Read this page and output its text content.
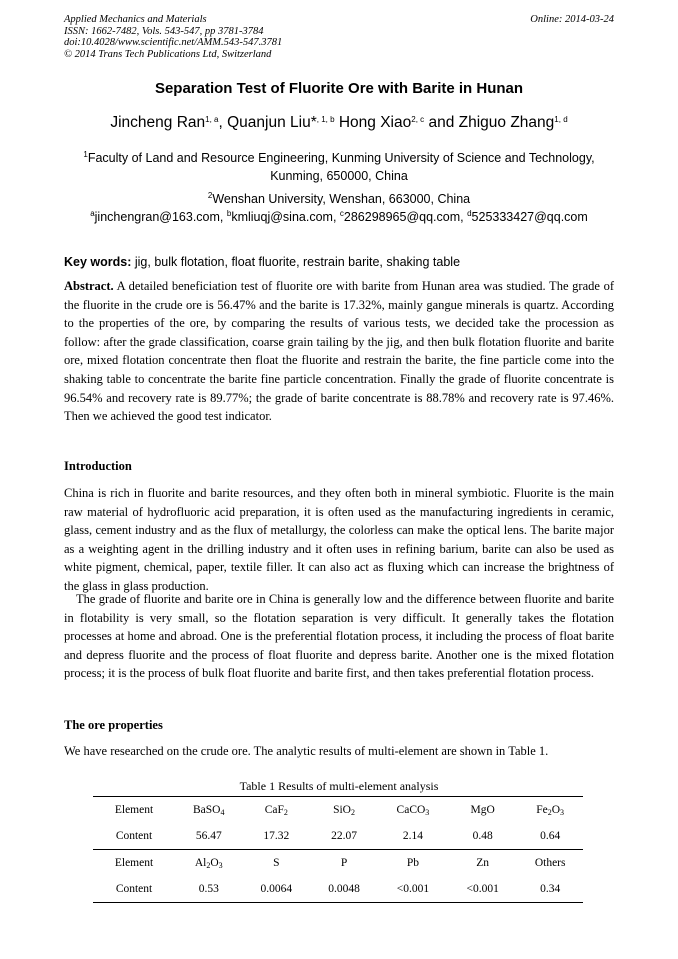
Applied Mechanics and Materials
ISSN: 1662-7482, Vols. 543-547, pp 3781-3784
doi:10.4028/www.scientific.net/AMM.543-547.3781
© 2014 Trans Tech Publications Ltd, Switzerland
Online: 2014-03-24
Separation Test of Fluorite Ore with Barite in Hunan
Jincheng Ran$^{1, a}$, Quanjun Liu*$^{, 1, b}$ Hong Xiao$^{2, c}$ and Zhiguo Zhang$^{1, d}$
$^1$Faculty of Land and Resource Engineering, Kunming University of Science and Technology,
Kunming, 650000, China
$^2$Wenshan University, Wenshan, 663000, China
$^a$jinchengran@163.com, $^b$kmliuqj@sina.com, $^c$286298965@qq.com, $^d$525333427@qq.com
Key words: jig, bulk flotation, float fluorite, restrain barite, shaking table

Abstract. A detailed beneficiation test of fluorite ore with barite from Hunan area was studied. The grade of the fluorite in the crude ore is 56.47% and the barite is 17.32%, mainly gangue minerals is quartz. According to the properties of the ore, by comparing the results of various tests, we decided take the procession as follow: after the grade classification, coarse grain tailing by the jig, and then bulk flotation fluorite and barite ore, mixed flotation concentrate then float the fluorite and restrain the barite, the fine particle come into the shaking table to concentrate the barite fine particle concentration. Finally the grade of fluorite concentrate is 96.54% and recovery rate is 89.77%; the grade of barite concentrate is 88.78% and recovery rate is 97.46%. Then we achieved the good test indicator.

Introduction

China is rich in fluorite and barite resources, and they often both in mineral symbiotic. Fluorite is the main raw material of hydrofluoric acid preparation, it is often used as the manufacturing ingredients in ceramic, glass, cement industry and as the flux of metallurgy, the colorless can make the optical lens. The barite major as a weighting agent in the drilling industry and it often uses in refining barium, barite can also be used as white pigment, chemical, paper, textile filler. It can also act as fluxing which can increase the brightness of the glass in glass production.

The grade of fluorite and barite ore in China is generally low and the difference between fluorite and barite in flotability is very small, so the flotation separation is very difficult. It generally takes the flotation processes at home and abroad. One is the preferential flotation process, it including the process of float barite and depress fluorite and the process of float fluorite and depress barite. Another one is the mixed flotation process; it is the process of bulk float fluorite and barite first, and then takes preferential flotation process.

The ore properties

We have researched on the crude ore. The analytic results of multi-element are shown in Table 1.

Table 1 Results of multi-element analysis
Element	BaSO$_4$	CaF$_2$	SiO$_2$	CaCO$_3$	MgO	$Fe_2O_3$
Content	56.47	17.32	22.07	2.14	0.48	0.64
Element	$Al_2O_3$	S	P	Pb	Zn	Others
Content	0.53	0.0064	0.0048	<0.001	<0.001	0.34
